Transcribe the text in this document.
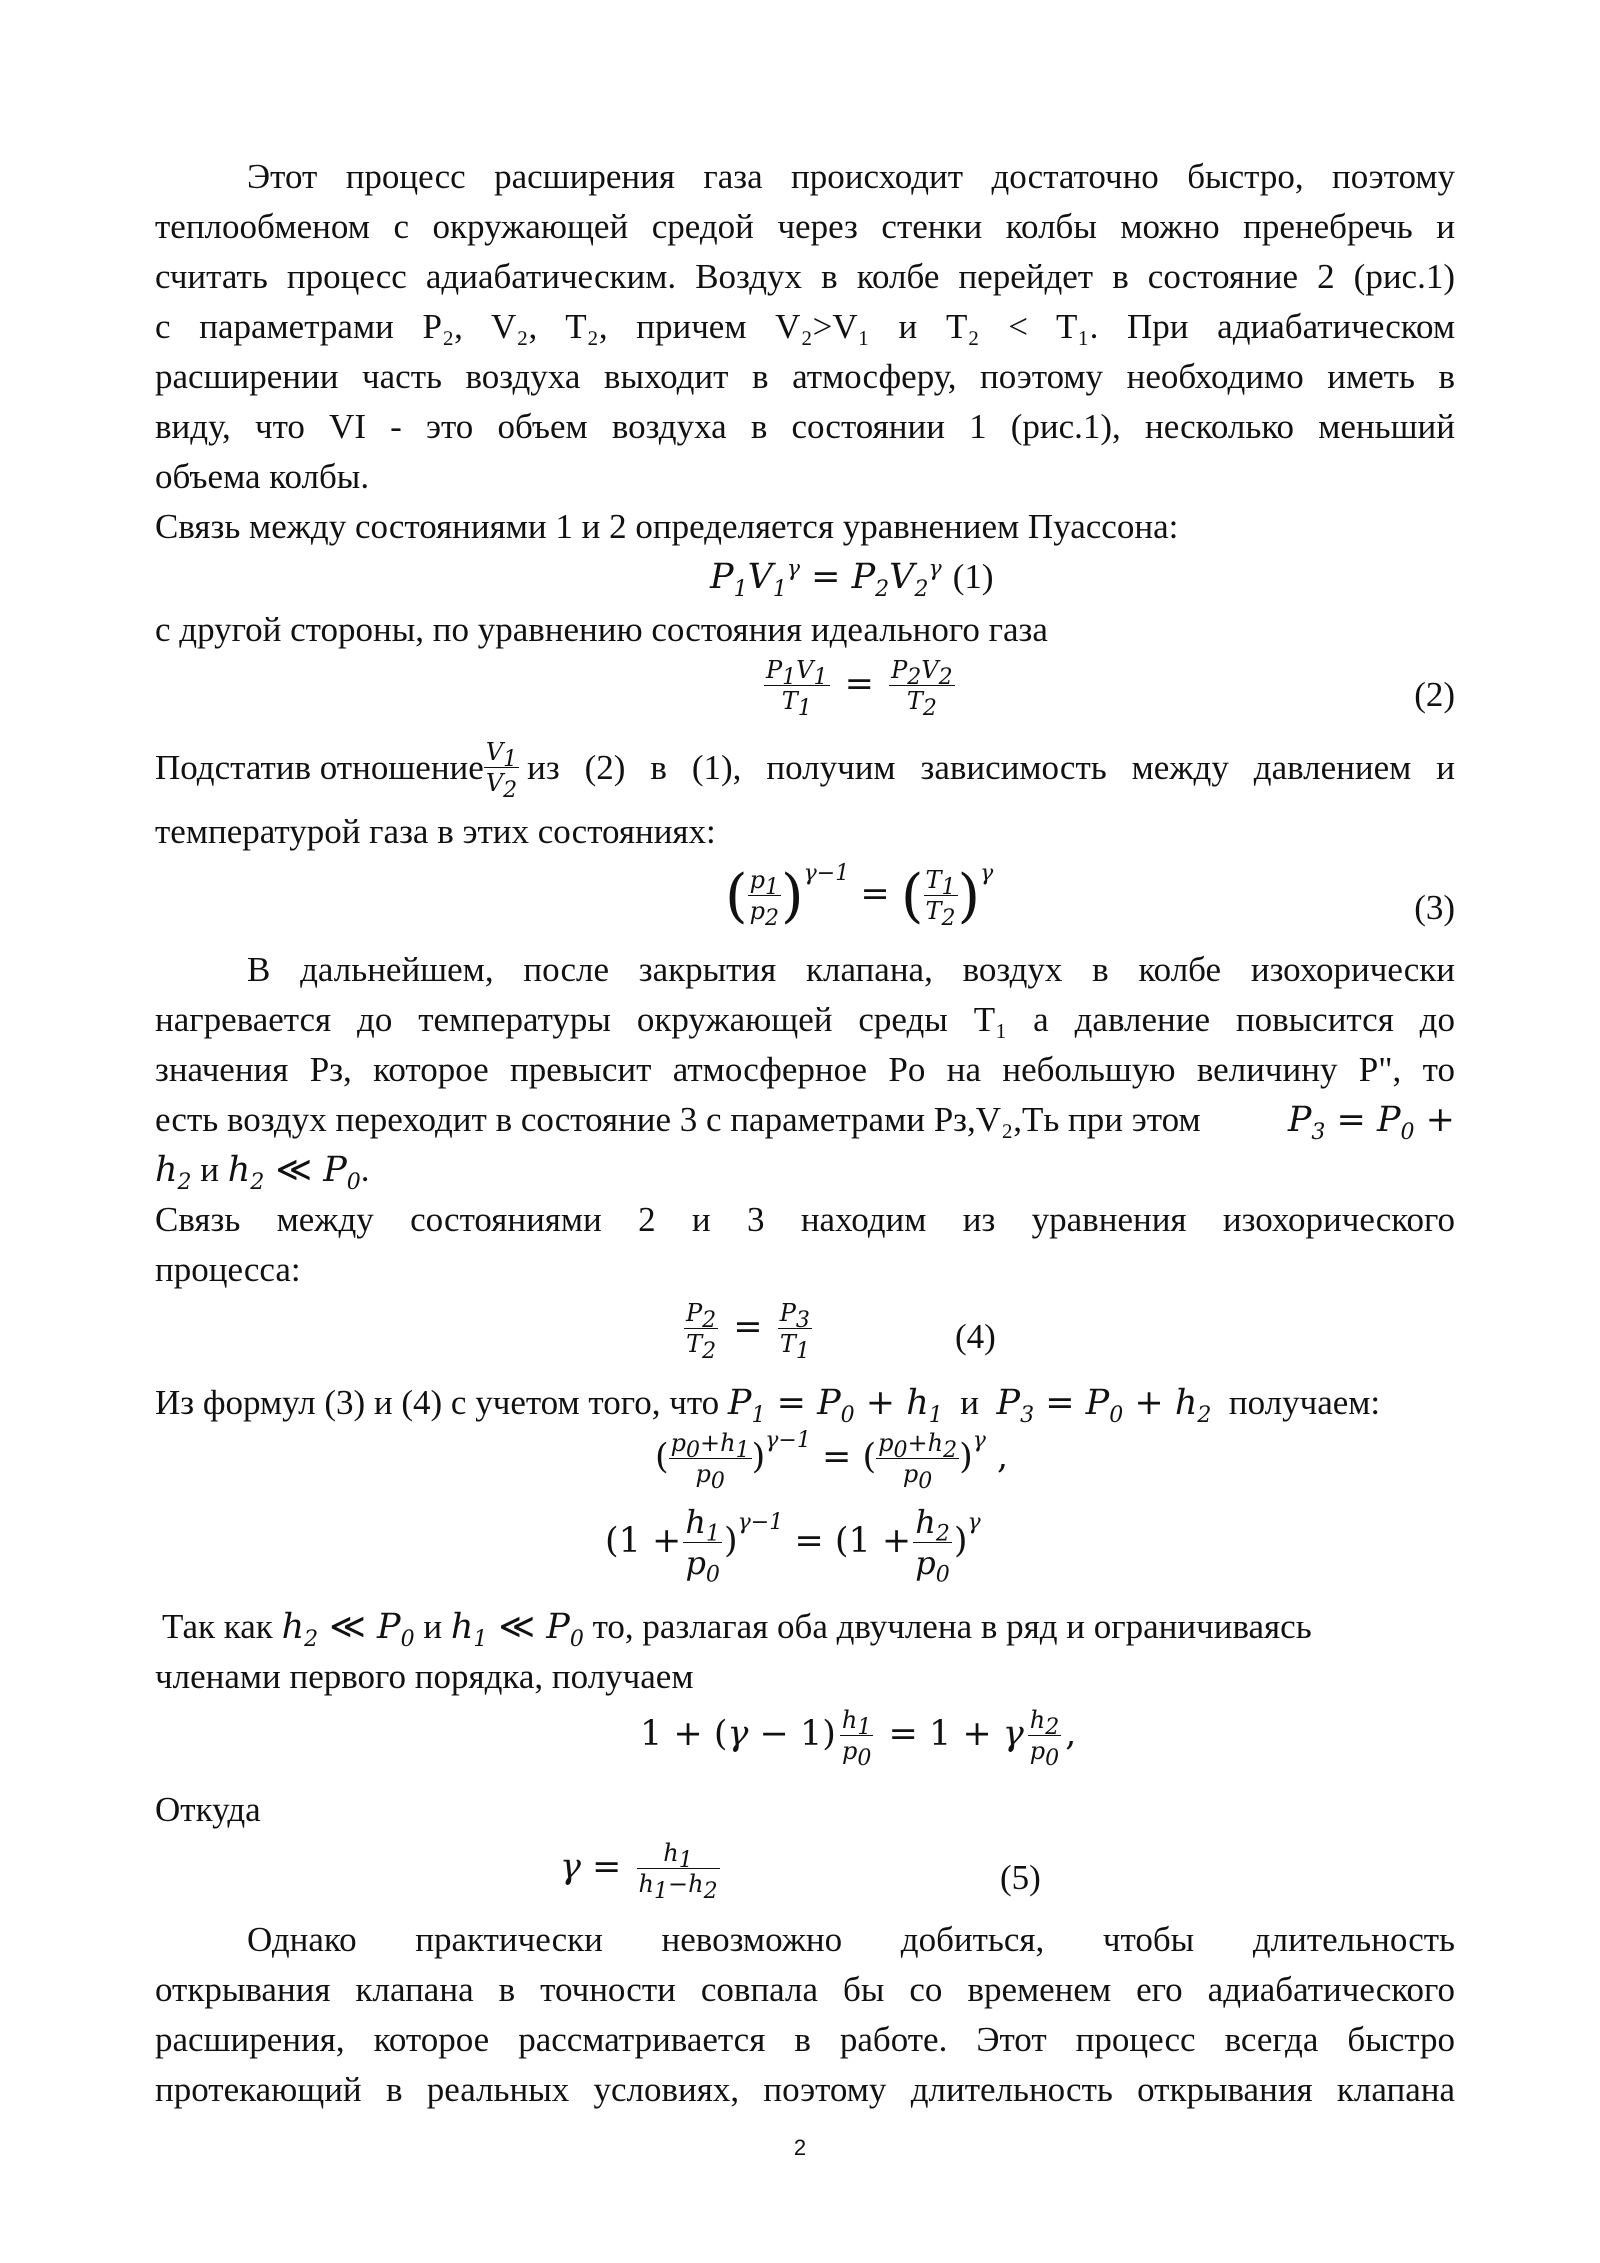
Этот процесс расширения газа происходит достаточно быстро, поэтому
теплообменом с окружающей средой через стенки колбы можно пренебречь и
считать процесс адиабатическим. Воздух в колбе перейдет в состояние 2 (рис.1)
с параметрами P₂, V₂, T₂, причем V₂>V₁ и T₂ < T₁. При адиабатическом
расширении часть воздуха выходит в атмосферу, поэтому необходимо иметь в
виду, что VI - это объем воздуха в состоянии 1 (рис.1), несколько меньший
объема колбы.
Связь между состояниями 1 и 2 определяется уравнением Пуассона:
$P_1V_1^\gamma = P_2V_2^\gamma$ (1)
с другой стороны, по уравнению состояния идеального газа
$\frac{P_1V_1}{T_1} = \frac{P_2V_2}{T_2}$	(2)
Подстатив отношение $\frac{V_1}{V_2}$ из (2) в (1), получим зависимость между давлением и
температурой газа в этих состояниях:
( $\frac{p_1}{p_2} )^{\gamma-1}$ = ( $\frac{T_1}{T_2} )^\gamma$
(3)
В дальнейшем, после закрытия клапана, воздух в колбе изохорически
нагревается до температуры окружающей среды T₁ а давление повысится до
значения Pз, которое превысит атмосферное Pо на небольшую величину P", то
есть воздух переходит в состояние 3 с параметрами Pз,V₂,Tь при этом $P_3 = P_0$ +
$h_2$ и $h_2$ ≪ $P_0$.
Связь между состояниями 2 и 3 находим из уравнения изохорического
процесса:
$\frac{P_2}{T_2} = \frac{P_3}{T_1}$	(4)
Из формул (3) и (4) с учетом того, что $P_1 = P_0 + h_1$ и $P_3 = P_0 + h_2$ получаем:
( $\frac{p_0+h_1}{p_0} )^{\gamma-1}$ = ( $\frac{p_0+h_2}{p_0} )^\gamma$ ,
$(1 + \frac{h_1}{p_0} )^{\gamma-1} = (1 + \frac{h_2}{p_0} )^\gamma$
Так как $h_2$ ≪ $P_0$ и $h_1$ ≪ $P_0$ то, разлагая оба двучлена в ряд и ограничиваясь
членами первого порядка, получаем
$1 + (\gamma - 1) \frac{h_1}{p_0} = 1 + \gamma \frac{h_2}{p_0}$ ,
Откуда
$\gamma = \frac{h_1}{h_1-h_2}$	(5)
Однако практически невозможно добиться, чтобы длительность
открывания клапана в точности совпала бы со временем его адиабатического
расширения, которое рассматривается в работе. Этот процесс всегда быстро
протекающий в реальных условиях, поэтому длительность открывания клапана
2
